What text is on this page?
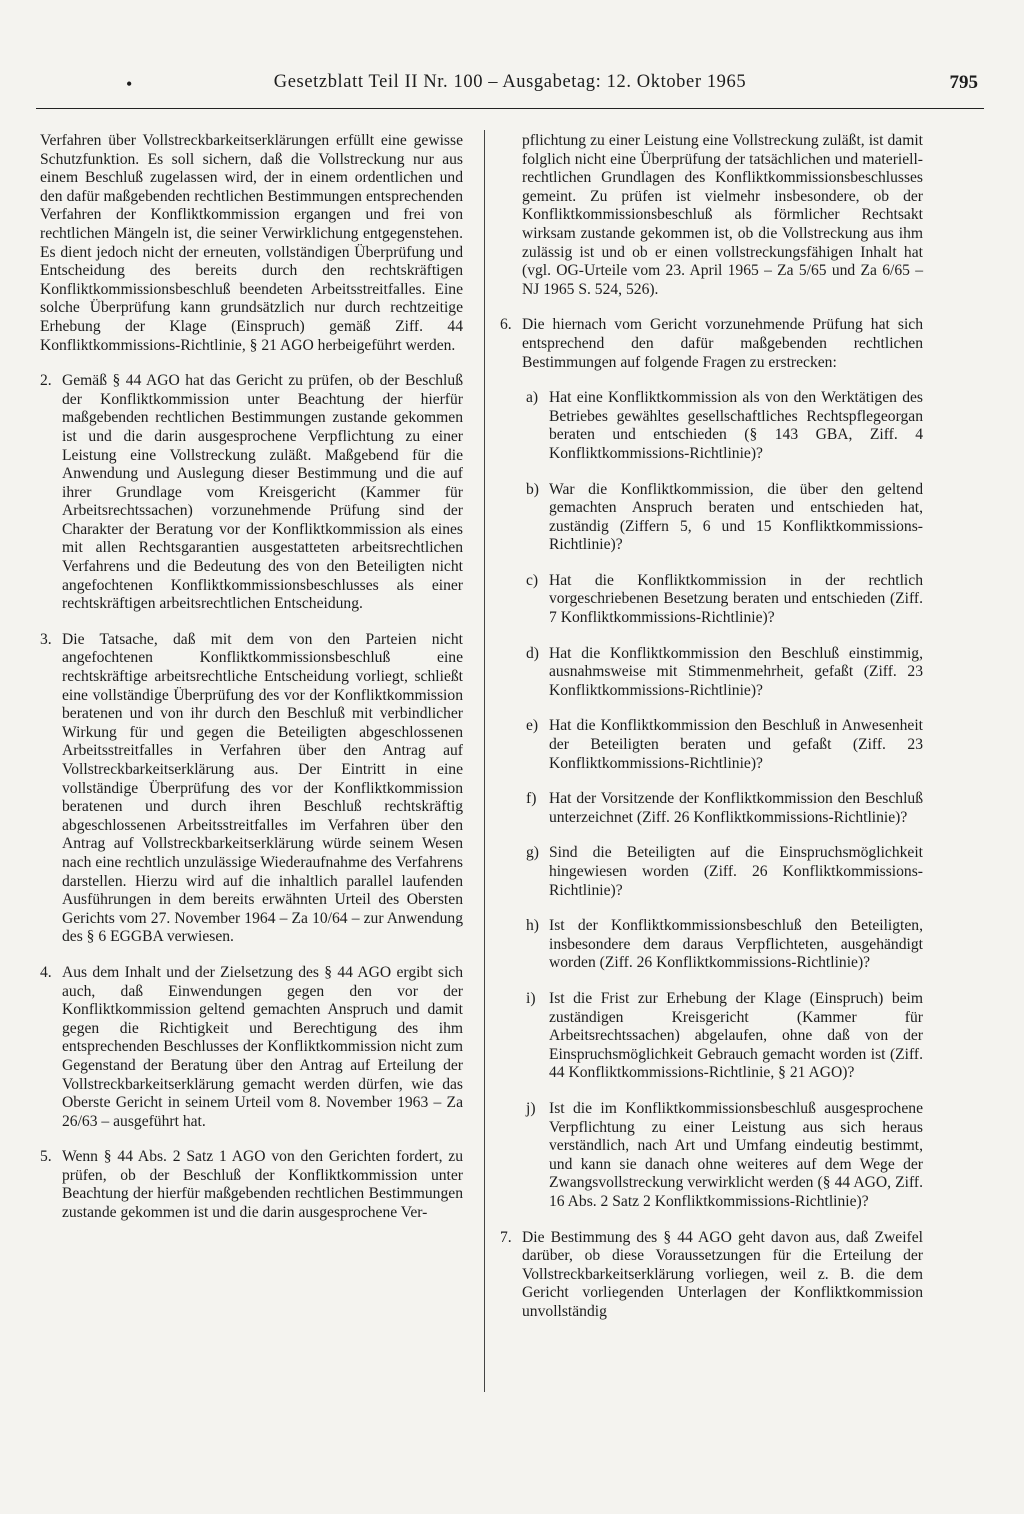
•	Gesetzblatt Teil II Nr. 100 – Ausgabetag: 12. Oktober 1965	795

Verfahren über Vollstreckbarkeitserklärungen erfüllt eine gewisse Schutzfunktion. Es soll sichern, daß die Vollstreckung nur aus einem Beschluß zugelassen wird, der in einem ordentlichen und den dafür maßgebenden rechtlichen Bestimmungen entsprechenden Verfahren der Konfliktkommission ergangen und frei von rechtlichen Mängeln ist, die seiner Verwirklichung entgegenstehen. Es dient jedoch nicht der erneuten, vollständigen Überprüfung und Entscheidung des bereits durch den rechtskräftigen Konfliktkommissionsbeschluß beendeten Arbeitsstreitfalles. Eine solche Überprüfung kann grundsätzlich nur durch rechtzeitige Erhebung der Klage (Einspruch) gemäß Ziff. 44 Konfliktkommissions-Richtlinie, § 21 AGO herbeigeführt werden.

2. Gemäß § 44 AGO hat das Gericht zu prüfen, ob der Beschluß der Konfliktkommission unter Beachtung der hierfür maßgebenden rechtlichen Bestimmungen zustande gekommen ist und die darin ausgesprochene Verpflichtung zu einer Leistung eine Vollstreckung zuläßt. Maßgebend für die Anwendung und Auslegung dieser Bestimmung und die auf ihrer Grundlage vom Kreisgericht (Kammer für Arbeitsrechtssachen) vorzunehmende Prüfung sind der Charakter der Beratung vor der Konfliktkommission als eines mit allen Rechtsgarantien ausgestatteten arbeitsrechtlichen Verfahrens und die Bedeutung des von den Beteiligten nicht angefochtenen Konfliktkommissionsbeschlusses als einer rechtskräftigen arbeitsrechtlichen Entscheidung.
3. Die Tatsache, daß mit dem von den Parteien nicht angefochtenen Konfliktkommissionsbeschluß eine rechtskräftige arbeitsrechtliche Entscheidung vorliegt, schließt eine vollständige Überprüfung des vor der Konfliktkommission beratenen und von ihr durch den Beschluß mit verbindlicher Wirkung für und gegen die Beteiligten abgeschlossenen Arbeitsstreitfalles in Verfahren über den Antrag auf Vollstreckbarkeitserklärung aus. Der Eintritt in eine vollständige Überprüfung des vor der Konfliktkommission beratenen und durch ihren Beschluß rechtskräftig abgeschlossenen Arbeitsstreitfalles im Verfahren über den Antrag auf Vollstreckbarkeitserklärung würde seinem Wesen nach eine rechtlich unzulässige Wiederaufnahme des Verfahrens darstellen. Hierzu wird auf die inhaltlich parallel laufenden Ausführungen in dem bereits erwähnten Urteil des Obersten Gerichts vom 27. November 1964 – Za 10/64 – zur Anwendung des § 6 EGGBA verwiesen.
4. Aus dem Inhalt und der Zielsetzung des § 44 AGO ergibt sich auch, daß Einwendungen gegen den vor der Konfliktkommission geltend gemachten Anspruch und damit gegen die Richtigkeit und Berechtigung des ihm entsprechenden Beschlusses der Konfliktkommission nicht zum Gegenstand der Beratung über den Antrag auf Erteilung der Vollstreckbarkeitserklärung gemacht werden dürfen, wie das Oberste Gericht in seinem Urteil vom 8. November 1963 – Za 26/63 – ausgeführt hat.
5. Wenn § 44 Abs. 2 Satz 1 AGO von den Gerichten fordert, zu prüfen, ob der Beschluß der Konfliktkommission unter Beachtung der hierfür maßgebenden rechtlichen Bestimmungen zustande gekommen ist und die darin ausgesprochene Ver-

pflichtung zu einer Leistung eine Vollstreckung zuläßt, ist damit folglich nicht eine Überprüfung der tatsächlichen und materiell-rechtlichen Grundlagen des Konfliktkommissionsbeschlusses gemeint. Zu prüfen ist vielmehr insbesondere, ob der Konfliktkommissionsbeschluß als förmlicher Rechtsakt wirksam zustande gekommen ist, ob die Vollstreckung aus ihm zulässig ist und ob er einen vollstreckungsfähigen Inhalt hat (vgl. OG-Urteile vom 23. April 1965 – Za 5/65 und Za 6/65 – NJ 1965 S. 524, 526).

6. Die hiernach vom Gericht vorzunehmende Prüfung hat sich entsprechend den dafür maßgebenden rechtlichen Bestimmungen auf folgende Fragen zu erstrecken:
a) Hat eine Konfliktkommission als von den Werktätigen des Betriebes gewähltes gesellschaftliches Rechtspflegeorgan beraten und entschieden (§ 143 GBA, Ziff. 4 Konfliktkommissions-Richtlinie)?
b) War die Konfliktkommission, die über den geltend gemachten Anspruch beraten und entschieden hat, zuständig (Ziffern 5, 6 und 15 Konfliktkommissions-Richtlinie)?
c) Hat die Konfliktkommission in der rechtlich vorgeschriebenen Besetzung beraten und entschieden (Ziff. 7 Konfliktkommissions-Richtlinie)?
d) Hat die Konfliktkommission den Beschluß einstimmig, ausnahmsweise mit Stimmenmehrheit, gefaßt (Ziff. 23 Konfliktkommissions-Richtlinie)?
e) Hat die Konfliktkommission den Beschluß in Anwesenheit der Beteiligten beraten und gefaßt (Ziff. 23 Konfliktkommissions-Richtlinie)?
f) Hat der Vorsitzende der Konfliktkommission den Beschluß unterzeichnet (Ziff. 26 Konfliktkommissions-Richtlinie)?
g) Sind die Beteiligten auf die Einspruchsmöglichkeit hingewiesen worden (Ziff. 26 Konfliktkommissions-Richtlinie)?
h) Ist der Konfliktkommissionsbeschluß den Beteiligten, insbesondere dem daraus Verpflichteten, ausgehändigt worden (Ziff. 26 Konfliktkommissions-Richtlinie)?
i) Ist die Frist zur Erhebung der Klage (Einspruch) beim zuständigen Kreisgericht (Kammer für Arbeitsrechtssachen) abgelaufen, ohne daß von der Einspruchsmöglichkeit Gebrauch gemacht worden ist (Ziff. 44 Konfliktkommissions-Richtlinie, § 21 AGO)?
j) Ist die im Konfliktkommissionsbeschluß ausgesprochene Verpflichtung zu einer Leistung aus sich heraus verständlich, nach Art und Umfang eindeutig bestimmt, und kann sie danach ohne weiteres auf dem Wege der Zwangsvollstreckung verwirklicht werden (§ 44 AGO, Ziff. 16 Abs. 2 Satz 2 Konfliktkommissions-Richtlinie)?
7. Die Bestimmung des § 44 AGO geht davon aus, daß Zweifel darüber, ob diese Voraussetzungen für die Erteilung der Vollstreckbarkeitserklärung vorliegen, weil z. B. die dem Gericht vorliegenden Unterlagen der Konfliktkommission unvollständig
